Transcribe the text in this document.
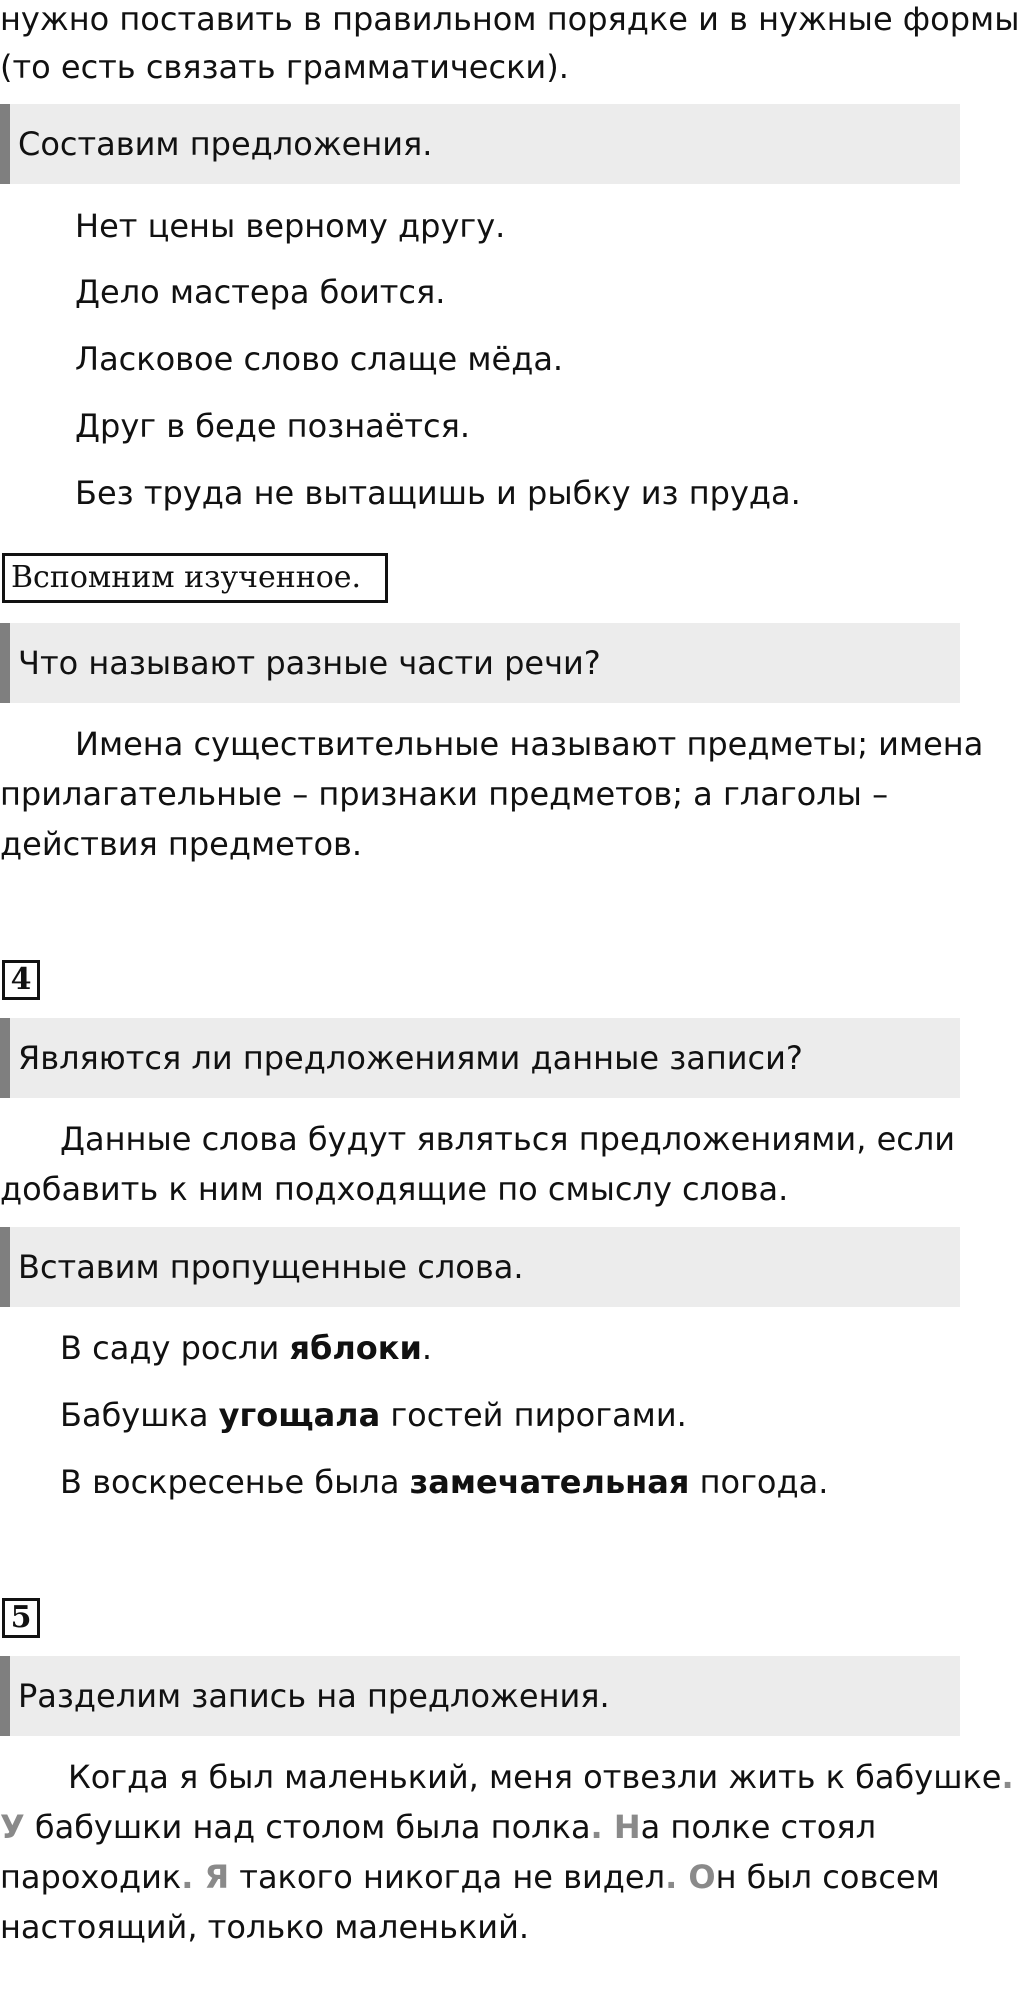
нужно поставить в правильном порядке и в нужные формы
(то есть связать грамматически).
Составим предложения.
Нет цены верному другу.
Дело мастера боится.
Ласковое слово слаще мёда.
Друг в беде познаётся.
Без труда не вытащишь и рыбку из пруда.
Вспомним изученное.
Что называют разные части речи?
Имена существительные называют предметы; имена
прилагательные – признаки предметов; а глаголы –
действия предметов.
4
Являются ли предложениями данные записи?
Данные слова будут являться предложениями, если
добавить к ним подходящие по смыслу слова.
Вставим пропущенные слова.
В саду росли яблоки.
Бабушка угощала гостей пирогами.
В воскресенье была замечательная погода.
5
Разделим запись на предложения.
Когда я был маленький, меня отвезли жить к бабушке.
У бабушки над столом была полка. На полке стоял
пароходик. Я такого никогда не видел. Он был совсем
настоящий, только маленький.
